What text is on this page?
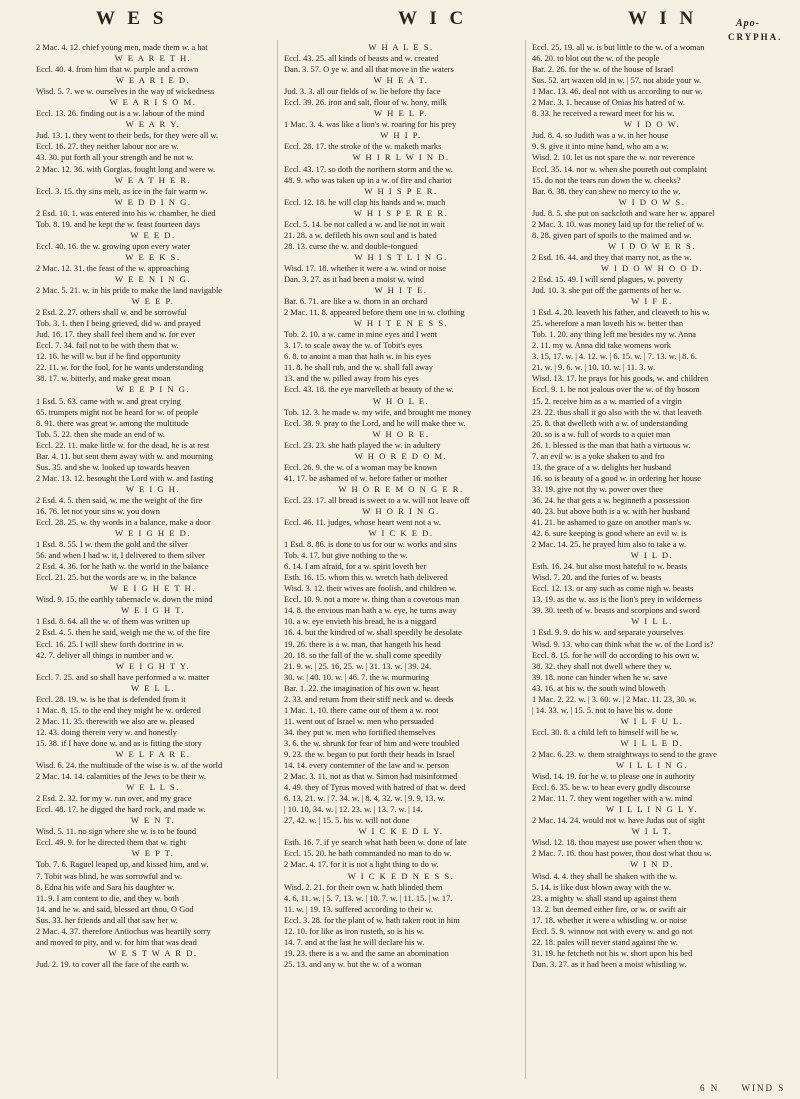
W E S	W I C	W I N	Apo-
CRYPHA.

2 Mac. 4. 12. chief young men, made them w. a hat

W E A R E T H.

Eccl. 40. 4. from him that w. purple and a crown

W E A R I E D.

Wisd. 5. 7. we w. ourselves in the way of wickedness

W E A R I S O M.

Eccl. 13. 26. finding out is a w. labour of the mind

W E A R Y.

Jud. 13. 1. they went to their beds, for they were all w.

Eccl. 16. 27. they neither labour nor are w.

43. 30. put forth all your strength and be not w.

2 Mac. 12. 36. with Gorgias, fought long and were w.

W E A T H E R.

Eccl. 3. 15. thy sins melt, as ice in the fair warm w.

W E D D I N G.

2 Esd. 10. 1. was entered into his w. chamber, he died

Tob. 8. 19. and he kept the w. feast fourteen days

W E E D.

Eccl. 40. 16. the w. growing upon every water

W E E K S.

2 Mac. 12. 31. the feast of the w. approaching

W E E N I N G.

2 Mac. 5. 21. w. in his pride to make the land navigable

W E E P.

2 Esd. 2. 27. others shall w. and be sorrowful

Tob. 3. 1. then I being grieved, did w. and prayed

Jud. 16. 17. they shall feel them and w. for ever

Eccl. 7. 34. fail not to be with them that w.

12. 16. he will w. but if he find opportunity

22. 11. w. for the fool, for he wants understanding

38. 17. w. bitterly, and make great moan

W E E P I N G.

1 Esd. 5. 63. came with w. and great crying

65. trumpets might not be heard for w. of people

8. 91. there was great w. among the multitude

Tob. 5. 22. then she made an end of w.

Eccl. 22. 11. make little w. for the dead, he is at rest

Bar. 4. 11. but sent them away with w. and mourning

Sus. 35. and she w. looked up towards heaven

2 Mac. 13. 12. besought the Lord with w. and fasting

W E I G H.

2 Esd. 4. 5. then said, w. me the weight of the fire

16. 76. let not your sins w. you down

Eccl. 28. 25. w. thy words in a balance, make a door

W E I G H E D.

1 Esd. 8. 55. I w. them the gold and the silver

56. and when I had w. it, I delivered to them silver

2 Esd. 4. 36. for he hath w. the world in the balance

Eccl. 21. 25. but the words are w. in the balance

W E I G H E T H.

Wisd. 9. 15. the earthly tabernacle w. down the mind

W E I G H T.

1 Esd. 8. 64. all the w. of them was written up

2 Esd. 4. 5. then he said, weigh me the w. of the fire

Eccl. 16. 25. I will shew forth doctrine in w.

42. 7. deliver all things in number and w.

W E I G H T Y.

Eccl. 7. 25. and so shall have performed a w. matter

W E L L.

Eccl. 28. 19. w. is he that is defended from it

1 Mac. 8. 15. to the end they might be w. ordered

2 Mac. 11. 35. therewith we also are w. pleased

12. 43. doing therein very w. and honestly

15. 38. if I have done w. and as is fitting the story

W E L F A R E.

Wisd. 6. 24. the multitude of the wise is w. of the world

2 Mac. 14. 14. calamities of the Jews to be their w.

W E L L S.

2 Esd. 2. 32. for my w. run over, and my grace

Eccl. 48. 17. he digged the hard rock, and made w.

W E N T.

Wisd. 5. 11. no sign where she w. is to be found

Eccl. 49. 9. for he directed them that w. right

W E P T.

Tob. 7. 6. Raguel leaped up, and kissed him, and w.

7. Tobit was blind, he was sorrowful and w.

8. Edna his wife and Sara his daughter w.

11. 9. I am content to die, and they w. both

14. and he w. and said, blessed art thou, O God

Sus. 33. her friends and all that saw her w.

2 Mac. 4. 37. therefore Antiochus was heartily sorry

and moved to pity, and w. for him that was dead

W E S T W A R D.

Jud. 2. 19. to cover all the face of the earth w.

W H A L E S.

Eccl. 43. 25. all kinds of beasts and w. created

Dan. 3. 57. O ye w. and all that move in the waters

W H E A T.

Jud. 3. 3. all our fields of w. lie before thy face

Eccl. 39. 26. iron and salt, flour of w. hony, milk

W H E L P.

1 Mac. 3. 4. was like a lion's w. roaring for his prey

W H I P.

Eccl. 28. 17. the stroke of the w. maketh marks

W H I R L W I N D.

Eccl. 43. 17. so doth the northern storm and the w.

48. 9. who was taken up in a w. of fire and chariot

W H I S P E R.

Eccl. 12. 18. he will clap his hands and w. much

W H I S P E R E R.

Eccl. 5. 14. be not called a w. and lie not in wait

21. 28. a w. defileth his own soul and is hated

28. 13. curse the w. and double-tongued

W H I S T L I N G.

Wisd. 17. 18. whether it were a w. wind or noise

Dan. 3. 27. as it had been a moist w. wind

W H I T E.

Bar. 6. 71. are like a w. thorn in an orchard

2 Mac. 11. 8. appeared before them one in w. clothing

W H I T E N E S S.

Tob. 2. 10. a w. came in mine eyes and I went

3. 17. to scale away the w. of Tobit's eyes

6. 8. to anoint a man that hath w. in his eyes

11. 8. he shall rub, and the w. shall fall away

13. and the w. pilled away from his eyes

Eccl. 43. 18. the eye marvelleth at beauty of the w.

W H O L E.

Tob. 12. 3. he made w. my wife, and brought me money

Eccl. 38. 9. pray to the Lord, and he will make thee w.

W H O R E.

Eccl. 23. 23. she hath played the w. in adultery

W H O R E D O M.

Eccl. 26. 9. the w. of a woman may be known

41. 17. be ashamed of w. before father or mother

W H O R E M O N G E R.

Eccl. 23. 17. all bread is sweet to a w. will not leave off

W H O R I N G.

Eccl. 46. 11. judges, whose heart went not a w.

W I C K E D.

1 Esd. 8. 86. is done to us for our w. works and sins

Tob. 4. 17. but give nothing to the w.

6. 14. I am afraid, for a w. spirit loveth her

Esth. 16. 15. whom this w. wretch hath delivered

Wisd. 3. 12. their wives are foolish, and children w.

Eccl. 10. 9. not a more w. thing than a covetous man

14. 8. the envious man hath a w. eye, he turns away

10. a w. eye envieth his bread, he is a niggard

16. 4. but the kindred of w. shall speedily be desolate

19. 26. there is a w. man, that hangeth his head

20. 18. so the fall of the w. shall come speedily

21. 9. w. | 25. 16, 25. w. | 31. 13. w. | 39. 24.

30. w. | 40. 10. w. | 46. 7. the w. murmuring

Bar. 1. 22. the imagination of his own w. heart

2. 33. and return from their stiff neck and w. deeds

1 Mac. 1. 10. there came out of them a w. root

11. went out of Israel w. men who persuaded

34. they put w. men who fortified themselves

3. 6. the w. shrunk for fear of him and were troubled

9. 23. the w. began to put forth their heads in Israel

14. 14. every contemner of the law and w. person

2 Mac. 3. 11. not as that w. Simon had misinformed

4. 49. they of Tyrus moved with hatred of that w. deed

6. 13, 21. w. | 7. 34. w. | 8. 4, 32. w. | 9. 9, 13. w.

| 10. 10, 34. w. | 12. 23. w. | 13. 7. w. | 14.

27, 42. w. | 15. 5. his w. will not done

W I C K E D L Y.

Esth. 16. 7. if ye search what hath been w. done of late

Eccl. 15. 20. he hath commanded no man to do w.

2 Mac. 4. 17. for it is not a light thing to do w.

W I C K E D N E S S.

Wisd. 2. 21. for their own w. hath blinded them

4. 6, 11. w. | 5. 7, 13. w. | 10. 7. w. | 11. 15. | w. 17.

11. w. | 19. 13. suffered according to their w.

Eccl. 3. 28. for the plant of w. hath taken root in him

12. 10. for like as iron rusteth, so is his w.

14. 7. and at the last he will declare his w.

19. 23. there is a w. and the same an abomination

25. 13. and any w. but the w. of a woman

Eccl. 25. 19. all w. is but little to the w. of a woman

46. 20. to blot out the w. of the people

Bar. 2. 26. for the w. of the house of Israel

Sus. 52. art waxen old in w. | 57. not abide your w.

1 Mac. 13. 46. deal not with us according to our w.

2 Mac. 3. 1. because of Onias his hatred of w.

8. 33. he received a reward meet for his w.

W I D O W.

Jud. 8. 4. so Judith was a w. in her house

9. 9. give it into mine hand, who am a w.

Wisd. 2. 10. let us not spare the w. nor reverence

Eccl. 35. 14. nor w. when she poureth out complaint

15. do not the tears run down the w. cheeks?

Bar. 6. 38. they can shew no mercy to the w.

W I D O W S.

Jud. 8. 5. she put on sackcloth and ware her w. apparel

2 Mac. 3. 10. was money laid up for the relief of w.

8. 28. given part of spoils to the maimed and w.

W I D O W E R S.

2 Esd. 16. 44. and they that marry not, as the w.

W I D O W H O O D.

2 Esd. 15. 49. I will send plagues, w. poverty

Jud. 10. 3. she put off the garments of her w.

W I F E.

1 Esd. 4. 20. leaveth his father, and cleaveth to his w.

25. wherefore a man loveth his w. better than

Tob. 1. 20. any thing left me besides my w. Anna

2. 11. my w. Anna did take womens work

3. 15, 17. w. | 4. 12. w. | 6. 15. w. | 7. 13. w. | 8. 6.

21. w. | 9. 6. w. | 10. 10. w. | 11. 3. w.

Wisd. 13. 17. he prays for his goods, w. and children

Eccl. 9. 1. be not jealous over the w. of thy bosom

15. 2. receive him as a w. married of a virgin

23. 22. thus shall it go also with the w. that leaveth

25. 8. that dwelleth with a w. of understanding

20. so is a w. full of words to a quiet man

26. 1. blessed is the man that hath a virtuous w.

7. an evil w. is a yoke shaken to and fro

13. the grace of a w. delights her husband

16. so is beauty of a good w. in ordering her house

33. 19. give not thy w. power over thee

36. 24. he that gets a w. beginneth a possession

40. 23. but above both is a w. with her husband

41. 21. be ashamed to gaze on another man's w.

42. 6. sure keeping is good where an evil w. is

2 Mac. 14. 25. he prayed him also to take a w.

W I L D.

Esth. 16. 24. but also most hateful to w. beasts

Wisd. 7. 20. and the furies of w. beasts

Eccl. 12. 13. or any such as come nigh w. beasts

13. 19. as the w. ass is the lion's prey in wilderness

39. 30. teeth of w. beasts and scorpions and sword

W I L L.

1 Esd. 9. 9. do his w. and separate yourselves

Wisd. 9. 13. who can think what the w. of the Lord is?

Eccl. 8. 15. for he will do according to his own w.

38. 32. they shall not dwell where they w.

39. 18. none can hinder when he w. save

43. 16. at his w. the south wind bloweth

1 Mac. 2. 22. w. | 3. 60. w. | 2 Mac. 11. 23, 30. w.

| 14. 33. w. | 15. 5. not to have his w. done

W I L F U L.

Eccl. 30. 8. a child left to himself will be w.

W I L L E D.

2 Mac. 6. 23. w. them straightways to send to the grave

W I L L I N G.

Wisd. 14. 19. for he w. to please one in authority

Eccl. 6. 35. be w. to hear every godly discourse

2 Mac. 11. 7. they went together with a w. mind

W I L L I N G L Y.

2 Mac. 14. 24. would not w. have Judas out of sight

W I L T.

Wisd. 12. 18. thou mayest use power when thou w.

2 Mac. 7. 16. thou hast power, thou dost what thou w.

W I N D.

Wisd. 4. 4. they shall be shaken with the w.

5. 14. is like dust blown away with the w.

23. a mighty w. shall stand up against them

13. 2. but deemed either fire, or w. or swift air

17. 18. whether it were a whistling w. or noise

Eccl. 5. 9. winnow not with every w. and go not

22. 18. pales will never stand against the w.

31. 19. he fetcheth not his w. short upon his bed

Dan. 3. 27. as it had been a moist whistling w.

6 N WIND S
